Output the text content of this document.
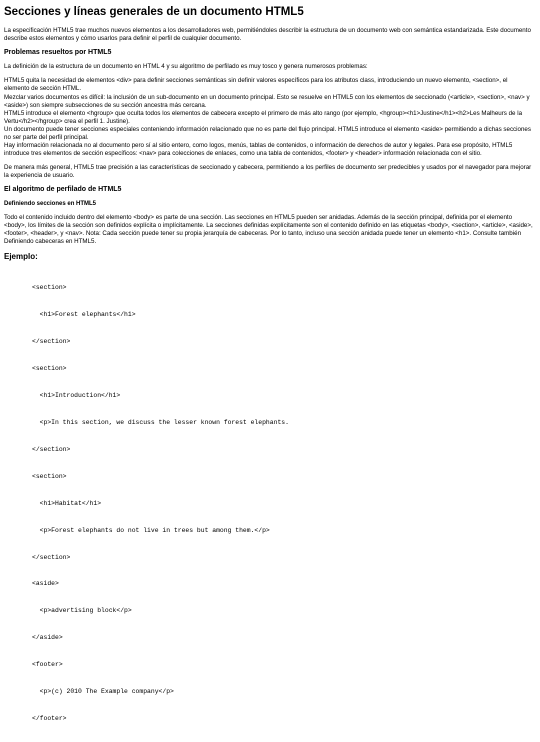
Secciones y líneas generales de un documento HTML5

La especificación HTML5 trae muchos nuevos elementos a los desarrolladores web, permitiéndoles describir la estructura de un documento web con semántica estandarizada. Este documento describe estos elementos y cómo usarlos para definir el perfil de cualquier documento.

Problemas resueltos por HTML5

La definición de la estructura de un documento en HTML 4 y su algoritmo de perfilado es muy tosco y genera numerosos problemas:

HTML5 quita la necesidad de elementos <div> para definir secciones semánticas sin definir valores específicos para los atributos class, introduciendo un nuevo elemento, <section>, el elemento de sección HTML.
Mezclar varios documentos es difícil: la inclusión de un sub-documento en un documento principal. Esto se resuelve en HTML5 con los elementos de seccionado (<article>, <section>, <nav> y <aside>) son siempre subsecciones de su sección ancestra más cercana.
HTML5 introduce el elemento <hgroup> que oculta todos los elementos de cabecera excepto el primero de más alto rango (por ejemplo, <hgroup><h1>Justine</h1><h2>Les Malheurs de la Vertu</h2></hgroup> crea el perfil 1. Justine).
Un documento puede tener secciones especiales conteniendo información relacionado que no es parte del flujo principal. HTML5 introduce el elemento <aside> permitiendo a dichas secciones no ser parte del perfil principal.
Hay información relacionada no al documento pero sí al sitio entero, como logos, menús, tablas de contenidos, o información de derechos de autor y legales. Para ese propósito, HTML5 introduce tres elementos de sección específicos: <nav> para colecciones de enlaces, como una tabla de contenidos, <footer> y <header> información relacionada con el sitio.

De manera más general, HTML5 trae precisión a las características de seccionado y cabecera, permitiendo a los perfiles de documento ser predecibles y usados por el navegador para mejorar la experiencia de usuario.

El algoritmo de perfilado de HTML5
Definiendo secciones en HTML5

Todo el contenido incluido dentro del elemento <body> es parte de una sección. Las secciones en HTML5 pueden ser anidadas. Además de la sección principal, definida por el elemento <body>, los límites de la sección son definidos explícita o implícitamente. La secciones definidas explícitamente son el contenido definido en las etiquetas <body>, <section>, <article>, <aside>, <footer>, <header>, y <nav>. Nota: Cada sección puede tener su propia jerarquía de cabeceras. Por lo tanto, incluso una sección anidada puede tener un elemento <h1>. Consulte también Definiendo cabeceras en HTML5.

Ejemplo:

<section>

<h1>Forest elephants</h1>

</section>

<section>

<h1>Introduction</h1>

<p>In this section, we discuss the lesser known forest elephants.

</section>

<section>

<h1>Habitat</h1>

<p>Forest elephants do not live in trees but among them.</p>

</section>

<aside>

<p>advertising block</p>

</aside>

<footer>

<p>(c) 2010 The Example company</p>

</footer>
